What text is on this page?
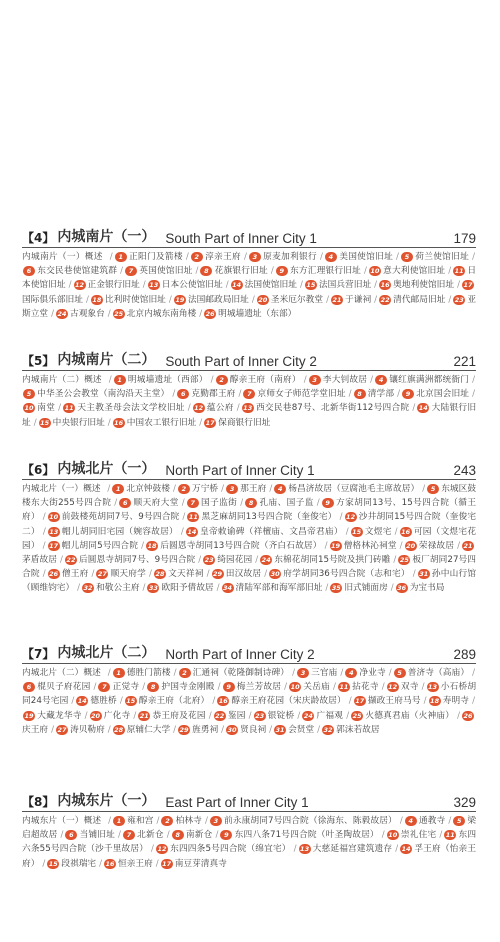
【4】 内城南片（一） South Part of Inner City 1	179
内城南片（一）概述 / 1 正阳门及箭楼 / 2 淳亲王府 / 3 原麦加利银行 / 4 美国使馆旧址 / 5 荷兰使馆旧址 /6 东交民巷使馆建筑群 / 7 英国使馆旧址 / 8 花旗银行旧址 / 9 东方汇理银行旧址 / 10 意大利使馆旧址 / 11 日本使馆旧址 / 12 正金银行旧址 / 13 日本公使馆旧址 / 14 法国使馆旧址 / 15 法国兵营旧址 / 16 奥地利使馆旧址 / 17国际俱乐部旧址 / 18 比利时使馆旧址 / 19 法国邮政局旧址 / 20 圣米厄尔教堂 / 21 于谦祠 / 22 清代邮局旧址 / 23 亚斯立堂 / 24 古观象台 / 25 北京内城东南角楼 / 26 明城墙遗址（东部）
【5】 内城南片（二） South Part of Inner City 2	221
内城南片（二）概述 / 1 明城墙遗址（西部） / 2 醇亲王府（南府） / 3 李大钊故居 / 4 镶红旗满洲都统衙门 /5 中华圣公会教堂（南沟沿天主堂） / 6 克勤郡王府 / 7 京师女子师范学堂旧址 / 8 清学部 / 9 北京国会旧址 /10 南堂 / 11 天主教圣母会法文学校旧址 / 12 蕴公府 / 13 西交民巷87号、北新华街112号四合院 / 14 大陆银行旧址 / 15 中央银行旧址 / 16 中国农工银行旧址 / 17 保商银行旧址
【6】 内城北片（一） North Part of Inner City 1	243
内城北片（一）概述 / 1 北京钟鼓楼 / 2 万宁桥 / 3 那王府 / 4 杨昌济故居（豆腐池毛主席故居） / 5 东城区鼓楼东大街255号四合院 / 6 顺天府大堂 / 7 国子监街 / 8 孔庙、国子监 / 9 方家胡同13号、15号四合院（循王府） / 10 前鼓楼苑胡同7号、9号四合院 / 11 黑芝麻胡同13号四合院（奎俊宅） / 12 沙井胡同15号四合院（奎俊宅二） / 13 帽儿胡同旧宅园（婉容故居） / 14 皇帝敕谕碑（祥檀庙、文昌帝君庙） / 15 文煜宅 / 16 可园（文煜宅花园） / 17 帽儿胡同5号四合院 / 18 后圆恩寺胡同13号四合院（齐白石故居） / 19 僧格林沁祠堂 / 20 荣禄故居 / 21茅盾故居 / 22 后圆恩寺胡同7号、9号四合院 / 23 绮园花园 / 24 东棉花胡同15号院及拱门砖雕 / 25 板厂胡同27号四合院 / 26 僧王府 / 27 顺天府学 / 28 文天祥祠 / 29 田汉故居 / 30 府学胡同36号四合院（志和宅） / 31 孙中山行馆（顾维钧宅） / 32 和敬公主府 / 33 欧阳予倩故居 / 34 清陆军部和海军部旧址 / 35 旧式铺面房 / 36 为宝书局
【7】 内城北片（二） North Part of Inner City 2	289
内城北片（二）概述 / 1 德胜门箭楼 / 2 汇通祠（乾隆御制诗碑） / 3 三官庙 / 4 净业寺 / 5 普济寺（高庙） /6 棍贝子府花园 / 7 正觉寺 / 8 护国寺金刚殿 / 9 梅兰芳故居 / 10 关岳庙 / 11 拈花寺 / 12 双寺 / 13 小石桥胡同24号宅园 / 14 德胜桥 / 15 醇亲王府（北府） / 16 醇亲王府花园（宋庆龄故居） / 17 撷政王府马号 / 18 寿明寺 /19 大藏龙华寺 / 20 广化寺 / 21 恭王府及花园 / 22 鉴园 / 23 银锭桥 / 24 广福观 / 25 火德真君庙（火神庙） / 26庆王府 / 27 涛贝勒府 / 28 原辅仁大学 / 29 旌勇祠 / 30 贤良祠 / 31 会贤堂 / 32 郭沫若故居
【8】 内城东片（一） East Part of Inner City 1	329
内城东片（一）概述 / 1 雍和宫 / 2 柏林寺 / 3 前永康胡同7号四合院（徐海东、陈毅故居） / 4 通教寺 / 5 梁启超故居 / 6 当铺旧址 / 7 北新仓 / 8 南新仓 / 9 东四八条71号四合院（叶圣陶故居） / 10 崇礼住宅 / 11 东四六条55号四合院（沙千里故居） / 12 东四四条5号四合院（绵宜宅） / 13 大慈延福宫建筑遗存 / 14 孚王府（怡亲王府） / 15 段祺瑞宅 / 16 恒亲王府 / 17 南豆芽清真寺
